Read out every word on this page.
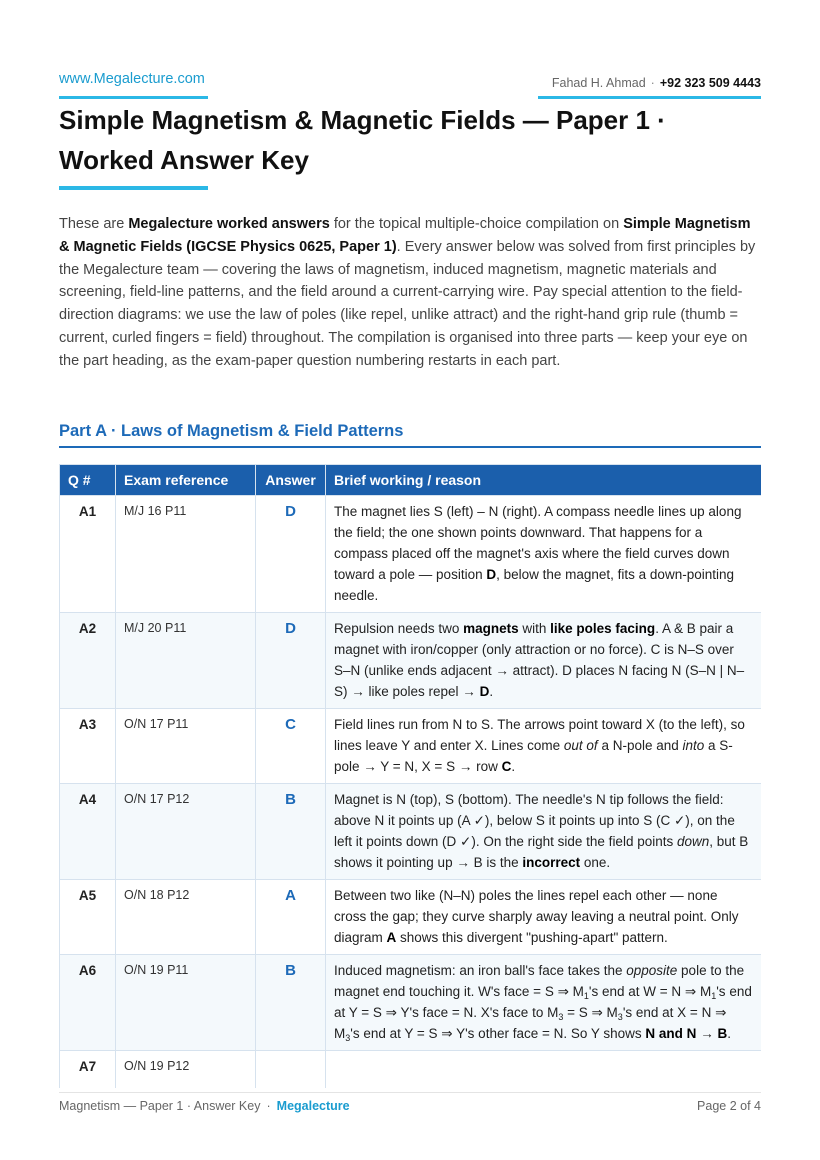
www.Megalecture.com	Fahad H. Ahmad · +92 323 509 4443
Simple Magnetism & Magnetic Fields — Paper 1 · Worked Answer Key

These are Megalecture worked answers for the topical multiple-choice compilation on Simple Magnetism & Magnetic Fields (IGCSE Physics 0625, Paper 1). Every answer below was solved from first principles by the Megalecture team — covering the laws of magnetism, induced magnetism, magnetic materials and screening, field-line patterns, and the field around a current-carrying wire. Pay special attention to the field-direction diagrams: we use the law of poles (like repel, unlike attract) and the right-hand grip rule (thumb = current, curled fingers = field) throughout. The compilation is organised into three parts — keep your eye on the part heading, as the exam-paper question numbering restarts in each part.

Part A · Laws of Magnetism & Field Patterns
Q #	Exam reference	Answer	Brief working / reason
A1	M/J 16 P11	D	The magnet lies S (left) – N (right). A compass needle lines up along the field; the one shown points downward. That happens for a compass placed off the magnet's axis where the field curves down toward a pole — position D, below the magnet, fits a down-pointing needle.
A2	M/J 20 P11	D	Repulsion needs two magnets with like poles facing. A & B pair a magnet with iron/copper (only attraction or no force). C is N–S over S–N (unlike ends adjacent → attract). D places N facing N (S–N | N–S) → like poles repel → D.
A3	O/N 17 P11	C	Field lines run from N to S. The arrows point toward X (to the left), so lines leave Y and enter X. Lines come out of a N-pole and into a S-pole → Y = N, X = S → row C.
A4	O/N 17 P12	B	Magnet is N (top), S (bottom). The needle's N tip follows the field: above N it points up (A ✓), below S it points up into S (C ✓), on the left it points down (D ✓). On the right side the field points down, but B shows it pointing up → B is the incorrect one.
A5	O/N 18 P12	A	Between two like (N–N) poles the lines repel each other — none cross the gap; they curve sharply away leaving a neutral point. Only diagram A shows this divergent "pushing-apart" pattern.
A6	O/N 19 P11	B	Induced magnetism: an iron ball's face takes the opposite pole to the magnet end touching it. W's face = S ⇒ $M_1's$ end at W = N ⇒ $M_1's$ end at Y = S ⇒ Y's face = N. X's face to $M_3 = S$ ⇒ $M_3's$ end at X = N ⇒ $M_3's$ end at Y = S ⇒ Y's other face = N. So Y shows N and N → B.
A7	O/N 19 P12		
Magnetism — Paper 1 · Answer Key · Megalecture	Page 2 of 4
